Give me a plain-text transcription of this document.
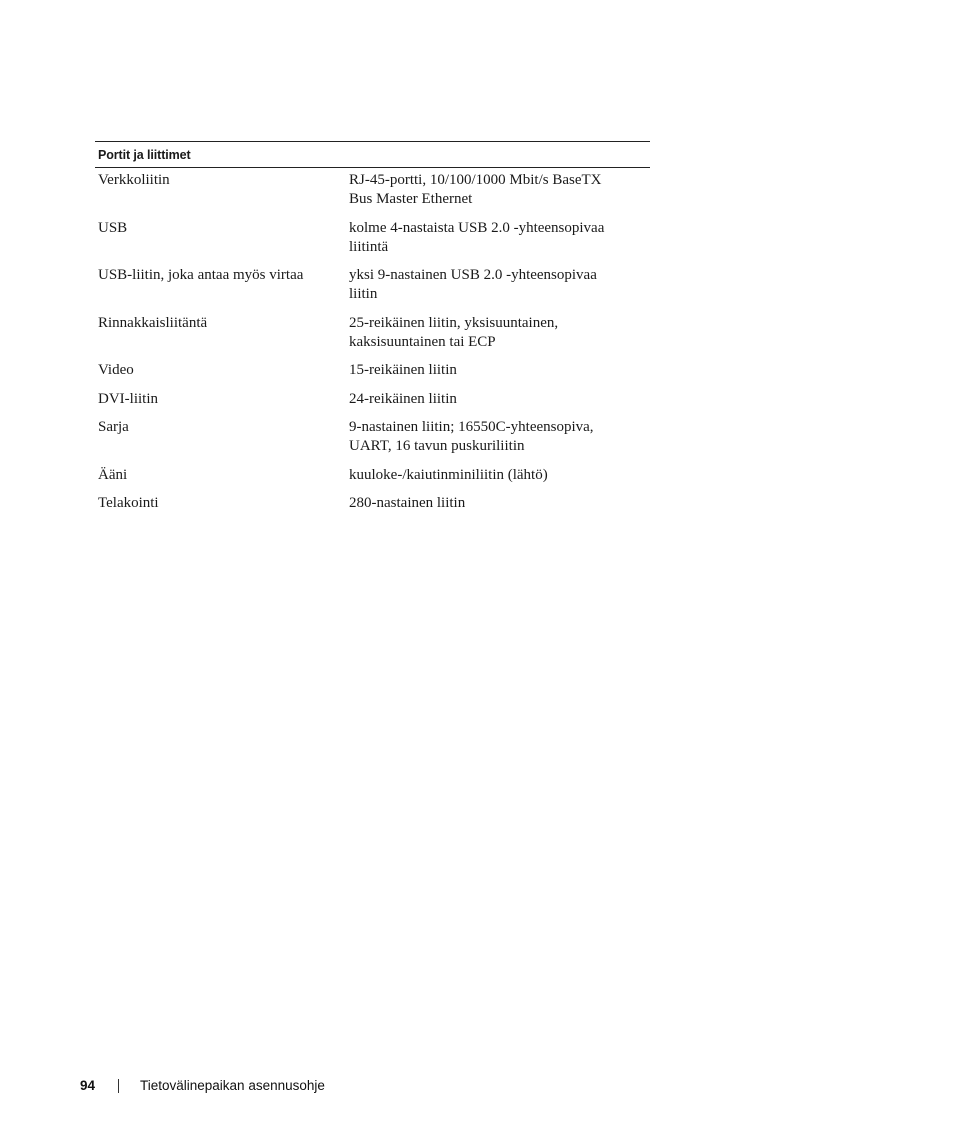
Portit ja liittimet
Verkkoliitin	RJ-45-portti, 10/100/1000 Mbit/s BaseTX
Bus Master Ethernet
USB	kolme 4-nastaista USB 2.0 -yhteensopivaa
liitintä
USB-liitin, joka antaa myös virtaa	yksi 9-nastainen USB 2.0 -yhteensopivaa
liitin
Rinnakkaisliitäntä	25-reikäinen liitin, yksisuuntainen,
kaksisuuntainen tai ECP
Video	15-reikäinen liitin
DVI-liitin	24-reikäinen liitin
Sarja	9-nastainen liitin; 16550C-yhteensopiva,
UART, 16 tavun puskuriliitin
Ääni	kuuloke-/kaiutinminiliitin (lähtö)
Telakointi	280-nastainen liitin
94	Tietovälinepaikan asennusohje
